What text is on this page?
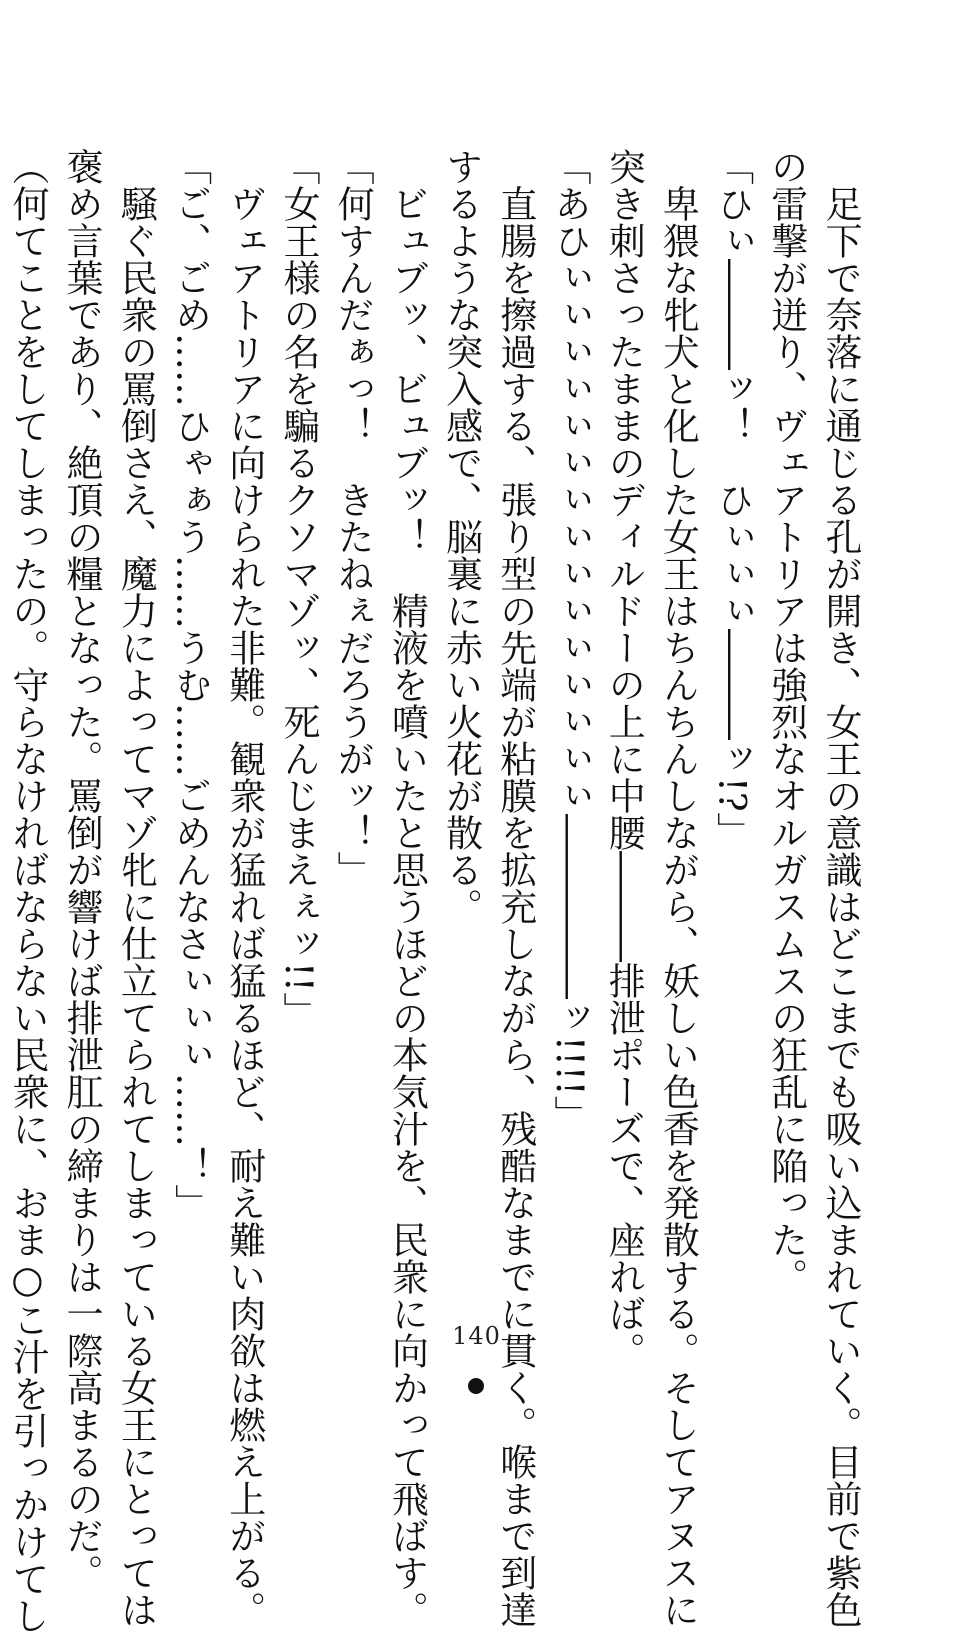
　足下で奈落に通じる孔が開き、女王の意識はどこまでも吸い込まれていく。目前で紫色
の雷撃が迸り、ヴェアトリアは強烈なオルガスムスの狂乱に陥った。
「ひぃ―――ッ！　ひぃぃぃ―――ッ!?」
　卑猥な牝犬と化した女王はちんちんしながら、妖しい色香を発散する。そしてアヌスに
突き刺さったままのディルドーの上に中腰―――排泄ポーズで、座れば。
「あひぃぃぃぃぃぃぃぃぃぃぃぃぃぃぃ―――――ッ!!!!」
　直腸を擦過する、張り型の先端が粘膜を拡充しながら、残酷なまでに貫く。喉まで到達
するような突入感で、脳裏に赤い火花が散る。
　ビュブッ、ビュブッ！　精液を噴いたと思うほどの本気汁を、民衆に向かって飛ばす。
「何すんだぁっ！　きたねぇだろうがッ！」
「女王様の名を騙るクソマゾッ、死んじまえぇッ!!」
　ヴェアトリアに向けられた非難。観衆が猛れば猛るほど、耐え難い肉欲は燃え上がる。
「ご、ごめ……ひゃぁう……うむ……ごめんなさぃぃぃ……！」
　騒ぐ民衆の罵倒さえ、魔力によってマゾ牝に仕立てられてしまっている女王にとっては
褒め言葉であり、絶頂の糧となった。罵倒が響けば排泄肛の締まりは一際高まるのだ。
（何てことをしてしまったの。守らなければならない民衆に、おま○こ汁を引っかけてし	140
